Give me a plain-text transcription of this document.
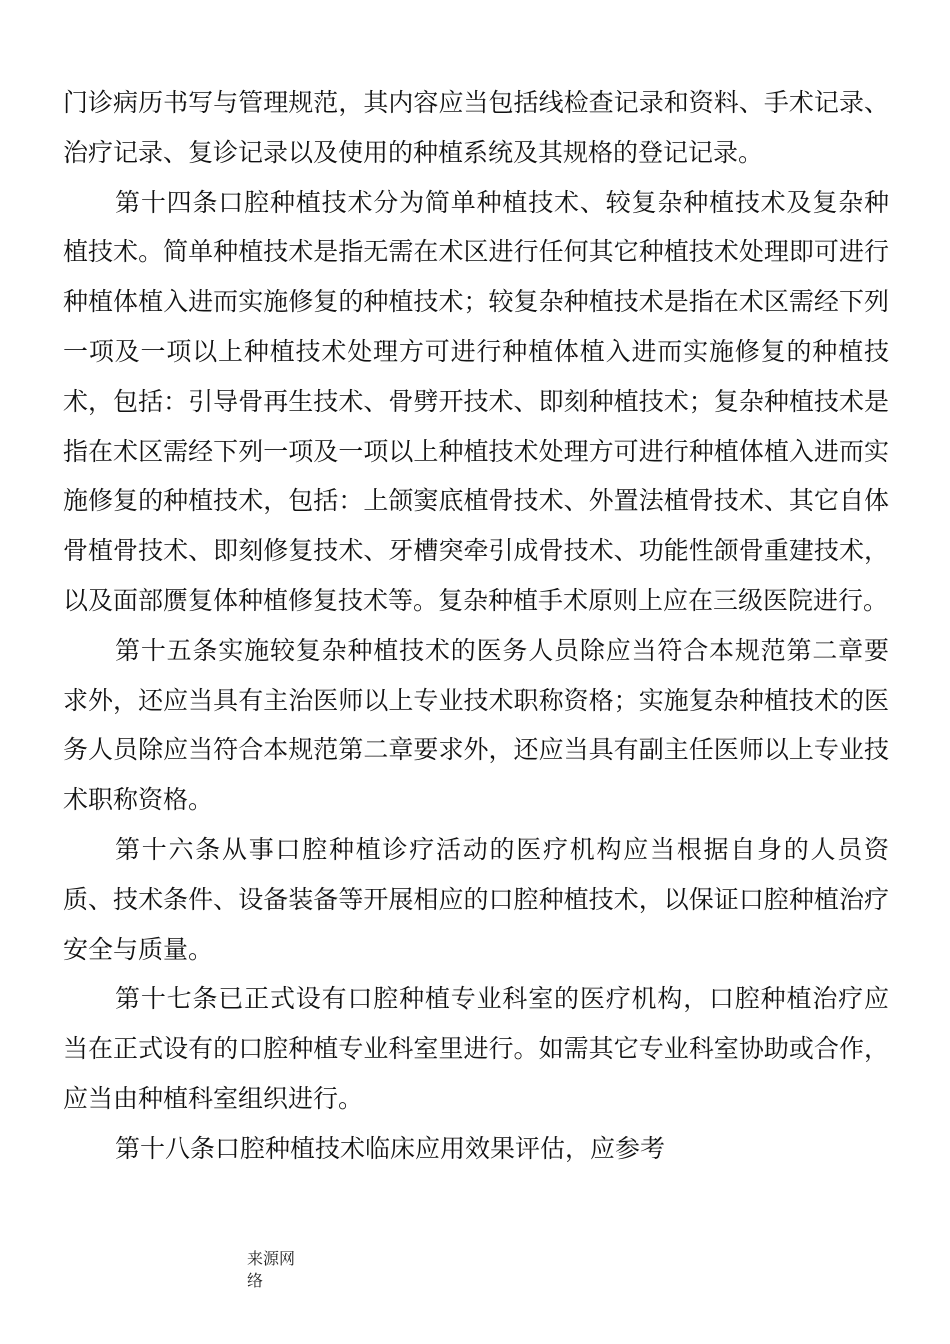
门诊病历书写与管理规范，其内容应当包括线检查记录和资料、手术记录、治疗记录、复诊记录以及使用的种植系统及其规格的登记记录。

第十四条口腔种植技术分为简单种植技术、较复杂种植技术及复杂种植技术。简单种植技术是指无需在术区进行任何其它种植技术处理即可进行种植体植入进而实施修复的种植技术；较复杂种植技术是指在术区需经下列一项及一项以上种植技术处理方可进行种植体植入进而实施修复的种植技术，包括：引导骨再生技术、骨劈开技术、即刻种植技术；复杂种植技术是指在术区需经下列一项及一项以上种植技术处理方可进行种植体植入进而实施修复的种植技术，包括：上颌窦底植骨技术、外置法植骨技术、其它自体骨植骨技术、即刻修复技术、牙槽突牵引成骨技术、功能性颌骨重建技术，以及面部赝复体种植修复技术等。复杂种植手术原则上应在三级医院进行。

第十五条实施较复杂种植技术的医务人员除应当符合本规范第二章要求外，还应当具有主治医师以上专业技术职称资格；实施复杂种植技术的医务人员除应当符合本规范第二章要求外，还应当具有副主任医师以上专业技术职称资格。

第十六条从事口腔种植诊疗活动的医疗机构应当根据自身的人员资质、技术条件、设备装备等开展相应的口腔种植技术，以保证口腔种植治疗安全与质量。

第十七条已正式设有口腔种植专业科室的医疗机构，口腔种植治疗应当在正式设有的口腔种植专业科室里进行。如需其它专业科室协助或合作，应当由种植科室组织进行。

第十八条口腔种植技术临床应用效果评估，应参考

来源网络
